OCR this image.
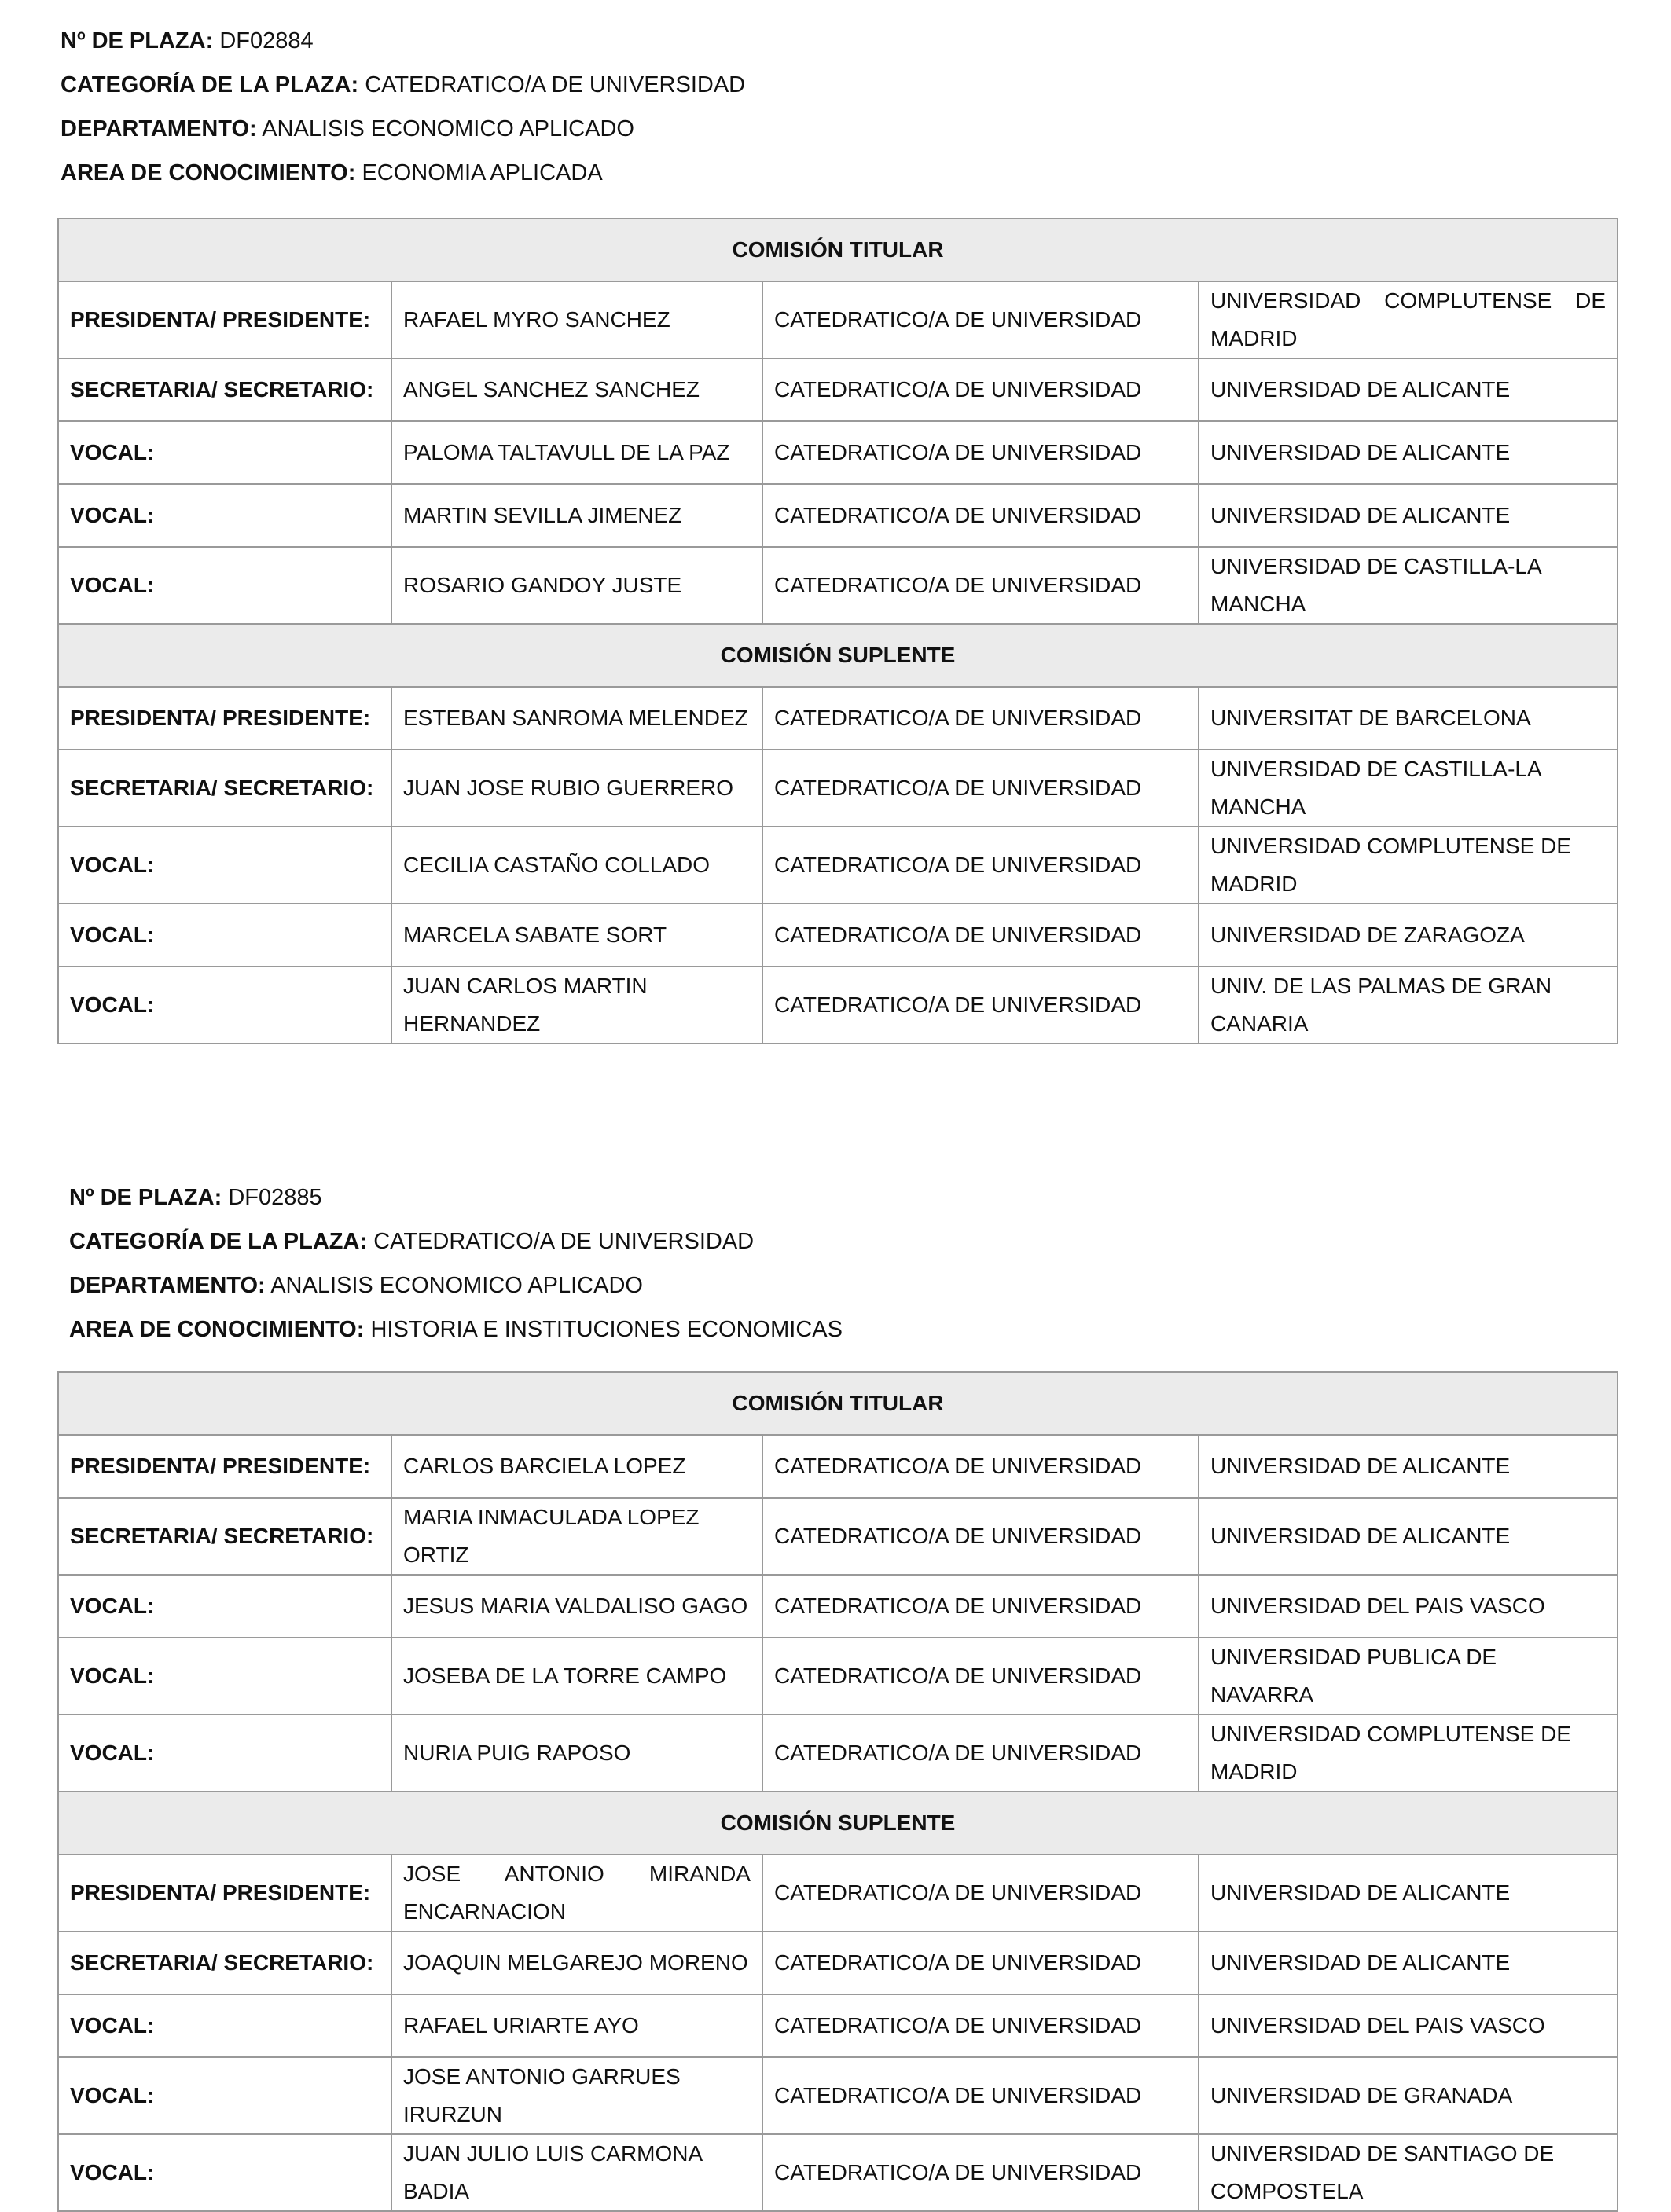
Nº DE PLAZA: DF02884
CATEGORÍA DE LA PLAZA: CATEDRATICO/A DE UNIVERSIDAD
DEPARTAMENTO: ANALISIS ECONOMICO APLICADO
AREA DE CONOCIMIENTO: ECONOMIA APLICADA
COMISIÓN TITULAR			
PRESIDENTA/ PRESIDENTE:	RAFAEL MYRO SANCHEZ	CATEDRATICO/A DE UNIVERSIDAD	UNIVERSIDAD COMPLUTENSE DE MADRID
SECRETARIA/ SECRETARIO:	ANGEL SANCHEZ SANCHEZ	CATEDRATICO/A DE UNIVERSIDAD	UNIVERSIDAD DE ALICANTE
VOCAL:	PALOMA TALTAVULL DE LA PAZ	CATEDRATICO/A DE UNIVERSIDAD	UNIVERSIDAD DE ALICANTE
VOCAL:	MARTIN SEVILLA JIMENEZ	CATEDRATICO/A DE UNIVERSIDAD	UNIVERSIDAD DE ALICANTE
VOCAL:	ROSARIO GANDOY JUSTE	CATEDRATICO/A DE UNIVERSIDAD	UNIVERSIDAD DE CASTILLA-LA MANCHA
COMISIÓN SUPLENTE			
PRESIDENTA/ PRESIDENTE:	ESTEBAN SANROMA MELENDEZ	CATEDRATICO/A DE UNIVERSIDAD	UNIVERSITAT DE BARCELONA
SECRETARIA/ SECRETARIO:	JUAN JOSE RUBIO GUERRERO	CATEDRATICO/A DE UNIVERSIDAD	UNIVERSIDAD DE CASTILLA-LA MANCHA
VOCAL:	CECILIA CASTAÑO COLLADO	CATEDRATICO/A DE UNIVERSIDAD	UNIVERSIDAD COMPLUTENSE DE MADRID
VOCAL:	MARCELA SABATE SORT	CATEDRATICO/A DE UNIVERSIDAD	UNIVERSIDAD DE ZARAGOZA
VOCAL:	JUAN CARLOS MARTIN HERNANDEZ	CATEDRATICO/A DE UNIVERSIDAD	UNIV. DE LAS PALMAS DE GRAN CANARIA
Nº DE PLAZA: DF02885
CATEGORÍA DE LA PLAZA: CATEDRATICO/A DE UNIVERSIDAD
DEPARTAMENTO: ANALISIS ECONOMICO APLICADO
AREA DE CONOCIMIENTO: HISTORIA E INSTITUCIONES ECONOMICAS
COMISIÓN TITULAR			
PRESIDENTA/ PRESIDENTE:	CARLOS BARCIELA LOPEZ	CATEDRATICO/A DE UNIVERSIDAD	UNIVERSIDAD DE ALICANTE
SECRETARIA/ SECRETARIO:	MARIA INMACULADA LOPEZ ORTIZ	CATEDRATICO/A DE UNIVERSIDAD	UNIVERSIDAD DE ALICANTE
VOCAL:	JESUS MARIA VALDALISO GAGO	CATEDRATICO/A DE UNIVERSIDAD	UNIVERSIDAD DEL PAIS VASCO
VOCAL:	JOSEBA DE LA TORRE CAMPO	CATEDRATICO/A DE UNIVERSIDAD	UNIVERSIDAD PUBLICA DE NAVARRA
VOCAL:	NURIA PUIG RAPOSO	CATEDRATICO/A DE UNIVERSIDAD	UNIVERSIDAD COMPLUTENSE DE MADRID
COMISIÓN SUPLENTE			
PRESIDENTA/ PRESIDENTE:	JOSE ANTONIO MIRANDA ENCARNACION	CATEDRATICO/A DE UNIVERSIDAD	UNIVERSIDAD DE ALICANTE
SECRETARIA/ SECRETARIO:	JOAQUIN MELGAREJO MORENO	CATEDRATICO/A DE UNIVERSIDAD	UNIVERSIDAD DE ALICANTE
VOCAL:	RAFAEL URIARTE AYO	CATEDRATICO/A DE UNIVERSIDAD	UNIVERSIDAD DEL PAIS VASCO
VOCAL:	JOSE ANTONIO GARRUES IRURZUN	CATEDRATICO/A DE UNIVERSIDAD	UNIVERSIDAD DE GRANADA
VOCAL:	JUAN JULIO LUIS CARMONA BADIA	CATEDRATICO/A DE UNIVERSIDAD	UNIVERSIDAD DE SANTIAGO DE COMPOSTELA
